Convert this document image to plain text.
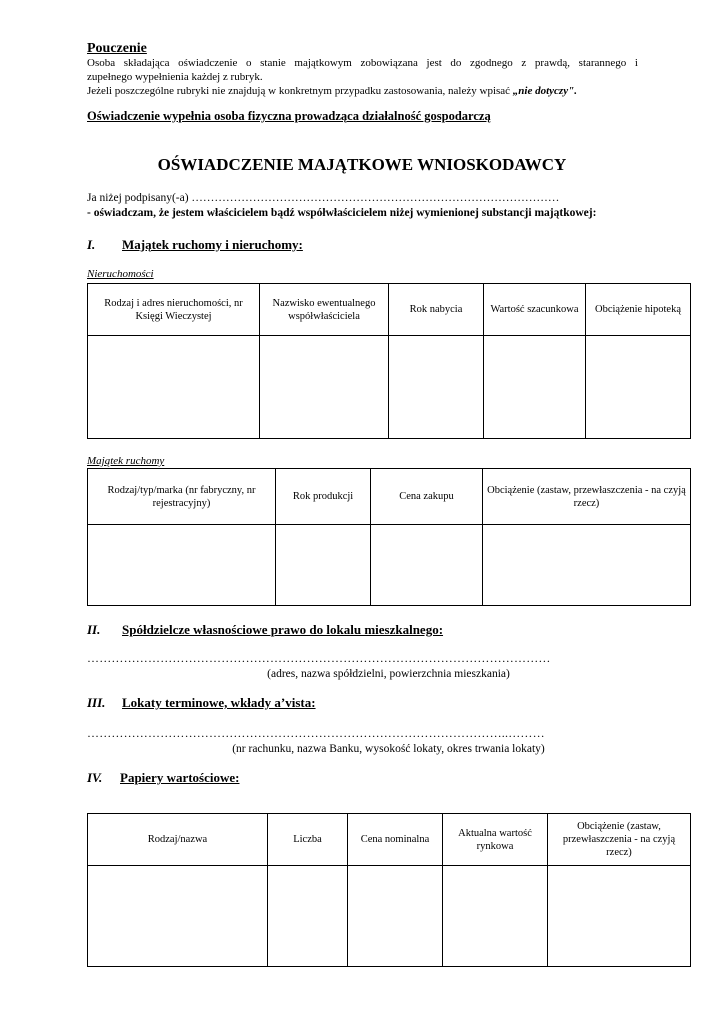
Pouczenie
Osoba składająca oświadczenie o stanie majątkowym zobowiązana jest do zgodnego z prawdą, starannego i
zupełnego wypełnienia każdej z rubryk.
Jeżeli poszczególne rubryki nie znajdują w konkretnym przypadku zastosowania, należy wpisać „nie dotyczy".
Oświadczenie wypełnia osoba fizyczna prowadząca działalność gospodarczą
OŚWIADCZENIE MAJĄTKOWE WNIOSKODAWCY
Ja niżej podpisany(-a) ……………………………………………………………………………………
- oświadczam, że jestem właścicielem bądź współwłaścicielem niżej wymienionej substancji majątkowej:
I. Majątek ruchomy i nieruchomy:
Nieruchomości
Rodzaj i adres nieruchomości, nr Księgi Wieczystej	Nazwisko ewentualnego współwłaściciela	Rok nabycia	Wartość szacunkowa	Obciążenie hipoteką

Majątek ruchomy
Rodzaj/typ/marka (nr fabryczny, nr rejestracyjny)	Rok produkcji	Cena zakupu	Obciążenie (zastaw, przewłaszczenia - na czyją rzecz)

II. Spółdzielcze własnościowe prawo do lokalu mieszkalnego:
……………………………………………………………………………………………………
(adres, nazwa spółdzielni, powierzchnia mieszkania)
III. Lokaty terminowe, wkłady a’vista:
…………………………………………………………………………………………..………
(nr rachunku, nazwa Banku, wysokość lokaty, okres trwania lokaty)
IV. Papiery wartościowe:
Rodzaj/nazwa	Liczba	Cena nominalna	Aktualna wartość rynkowa	Obciążenie (zastaw, przewłaszczenia - na czyją rzecz)
